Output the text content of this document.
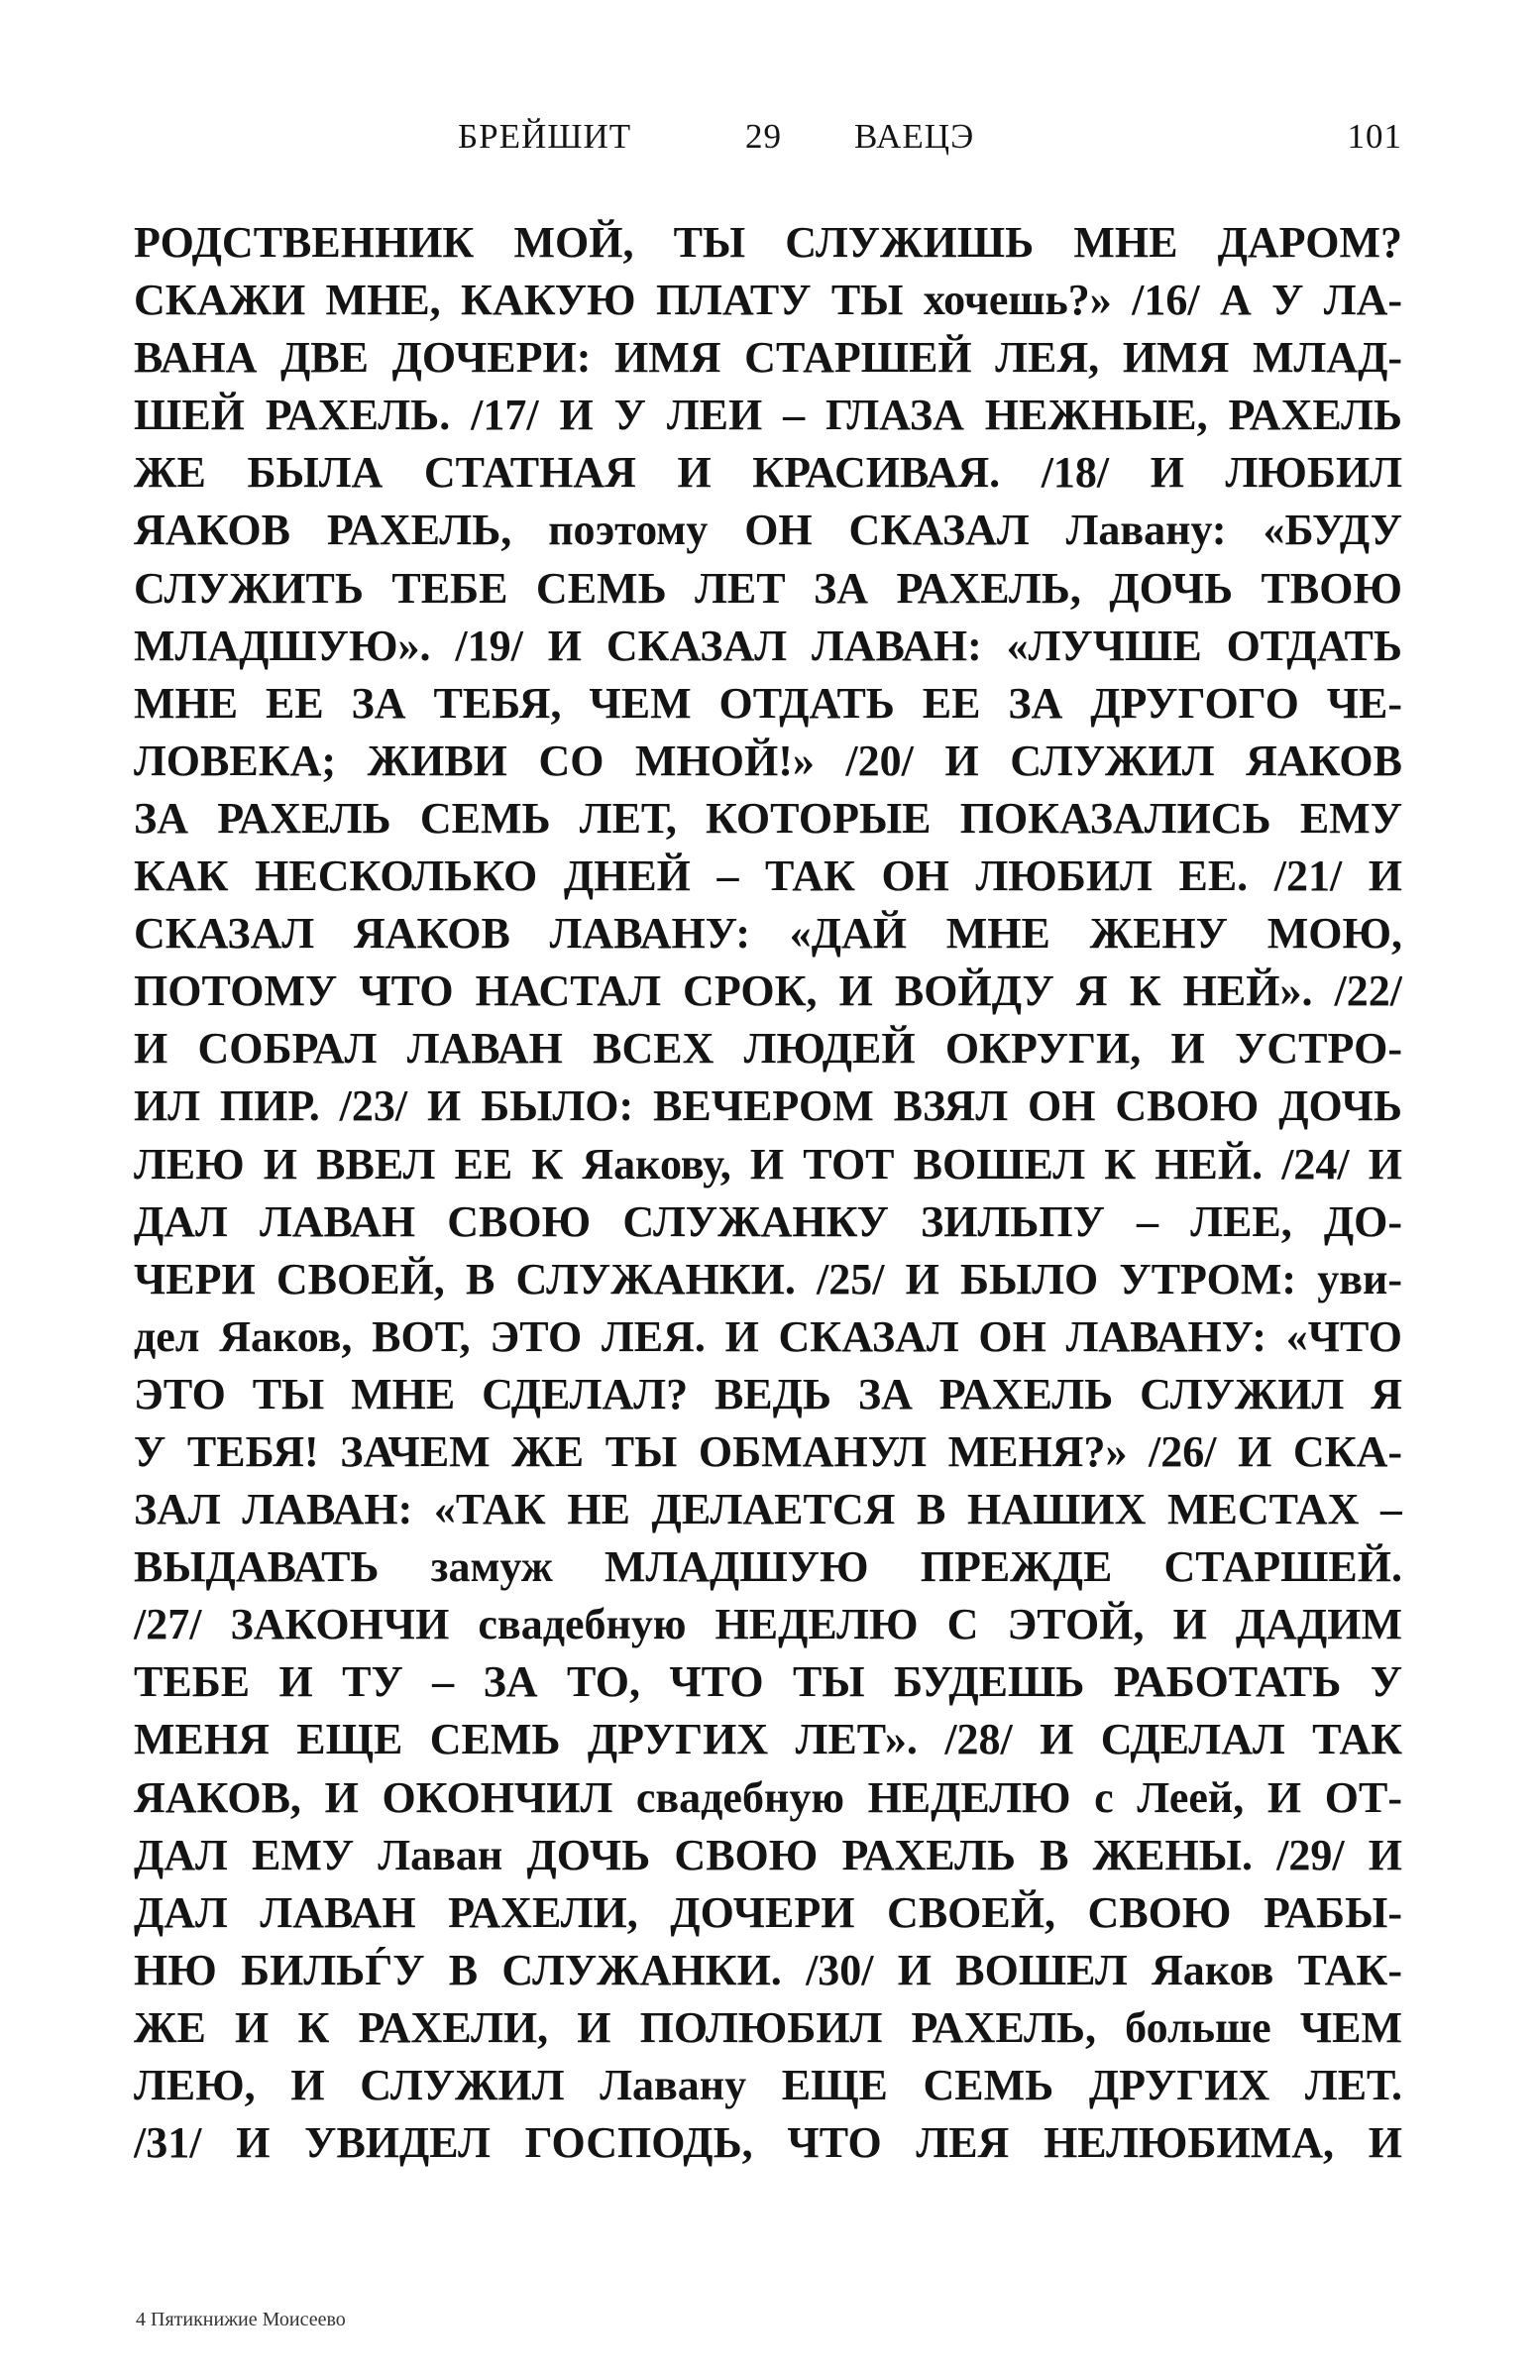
БРЕЙШИТ	29 ВАЕЦЭ	101
РОДСТВЕННИК МОЙ, ТЫ СЛУЖИШЬ МНЕ ДАРОМ?
СКАЖИ МНЕ, КАКУЮ ПЛАТУ ТЫ хочешь?» /16/ А У ЛА-
ВАНА ДВЕ ДОЧЕРИ: ИМЯ СТАРШЕЙ ЛЕЯ, ИМЯ МЛАД-
ШЕЙ РАХЕЛЬ. /17/ И У ЛЕИ – ГЛАЗА НЕЖНЫЕ, РАХЕЛЬ
ЖЕ БЫЛА СТАТНАЯ И КРАСИВАЯ. /18/ И ЛЮБИЛ
ЯАКОВ РАХЕЛЬ, поэтому ОН СКАЗАЛ Лавану: «БУДУ
СЛУЖИТЬ ТЕБЕ СЕМЬ ЛЕТ ЗА РАХЕЛЬ, ДОЧЬ ТВОЮ
МЛАДШУЮ». /19/ И СКАЗАЛ ЛАВАН: «ЛУЧШЕ ОТДАТЬ
МНЕ ЕЕ ЗА ТЕБЯ, ЧЕМ ОТДАТЬ ЕЕ ЗА ДРУГОГО ЧЕ-
ЛОВЕКА; ЖИВИ СО МНОЙ!» /20/ И СЛУЖИЛ ЯАКОВ
ЗА РАХЕЛЬ СЕМЬ ЛЕТ, КОТОРЫЕ ПОКАЗАЛИСЬ ЕМУ
КАК НЕСКОЛЬКО ДНЕЙ – ТАК ОН ЛЮБИЛ ЕЕ. /21/ И
СКАЗАЛ ЯАКОВ ЛАВАНУ: «ДАЙ МНЕ ЖЕНУ МОЮ,
ПОТОМУ ЧТО НАСТАЛ СРОК, И ВОЙДУ Я К НЕЙ». /22/
И СОБРАЛ ЛАВАН ВСЕХ ЛЮДЕЙ ОКРУГИ, И УСТРО-
ИЛ ПИР. /23/ И БЫЛО: ВЕЧЕРОМ ВЗЯЛ ОН СВОЮ ДОЧЬ
ЛЕЮ И ВВЕЛ ЕЕ К Яакову, И ТОТ ВОШЕЛ К НЕЙ. /24/ И
ДАЛ ЛАВАН СВОЮ СЛУЖАНКУ ЗИЛЬПУ – ЛЕЕ, ДО-
ЧЕРИ СВОЕЙ, В СЛУЖАНКИ. /25/ И БЫЛО УТРОМ: уви-
дел Яаков, ВОТ, ЭТО ЛЕЯ. И СКАЗАЛ ОН ЛАВАНУ: «ЧТО
ЭТО ТЫ МНЕ СДЕЛАЛ? ВЕДЬ ЗА РАХЕЛЬ СЛУЖИЛ Я
У ТЕБЯ! ЗАЧЕМ ЖЕ ТЫ ОБМАНУЛ МЕНЯ?» /26/ И СКА-
ЗАЛ ЛАВАН: «ТАК НЕ ДЕЛАЕТСЯ В НАШИХ МЕСТАХ –
ВЫДАВАТЬ замуж МЛАДШУЮ ПРЕЖДЕ СТАРШЕЙ.
/27/ ЗАКОНЧИ свадебную НЕДЕЛЮ С ЭТОЙ, И ДАДИМ
ТЕБЕ И ТУ – ЗА ТО, ЧТО ТЫ БУДЕШЬ РАБОТАТЬ У
МЕНЯ ЕЩЕ СЕМЬ ДРУГИХ ЛЕТ». /28/ И СДЕЛАЛ ТАК
ЯАКОВ, И ОКОНЧИЛ свадебную НЕДЕЛЮ с Леей, И ОТ-
ДАЛ ЕМУ Лаван ДОЧЬ СВОЮ РАХЕЛЬ В ЖЕНЫ. /29/ И
ДАЛ ЛАВАН РАХЕЛИ, ДОЧЕРИ СВОЕЙ, СВОЮ РАБЫ-
НЮ БИЛЬЃУ В СЛУЖАНКИ. /30/ И ВОШЕЛ Яаков ТАК-
ЖЕ И К РАХЕЛИ, И ПОЛЮБИЛ РАХЕЛЬ, больше ЧЕМ
ЛЕЮ, И СЛУЖИЛ Лавану ЕЩЕ СЕМЬ ДРУГИХ ЛЕТ.
/31/ И УВИДЕЛ ГОСПОДЬ, ЧТО ЛЕЯ НЕЛЮБИМА, И
4 Пятикнижие Моисеево
